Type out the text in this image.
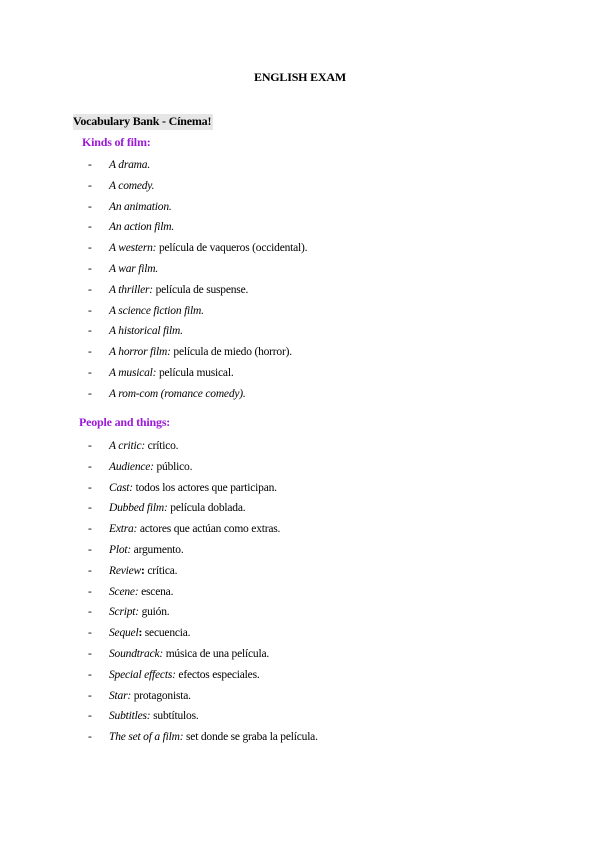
ENGLISH EXAM
Vocabulary Bank - Cínema!
Kinds of film:
- A drama.
- A comedy.
- An animation.
- An action film.
- A western: película de vaqueros (occidental).
- A war film.
- A thriller: película de suspense.
- A science fiction film.
- A historical film.
- A horror film: película de miedo (horror).
- A musical: película musical.
- A rom-com (romance comedy).
People and things:
- A critic: crítico.
- Audience: público.
- Cast: todos los actores que participan.
- Dubbed film: película doblada.
- Extra: actores que actúan como extras.
- Plot: argumento.
- Review: crítica.
- Scene: escena.
- Script: guión.
- Sequel: secuencia.
- Soundtrack: música de una película.
- Special effects: efectos especiales.
- Star: protagonista.
- Subtitles: subtítulos.
- The set of a film: set donde se graba la película.
